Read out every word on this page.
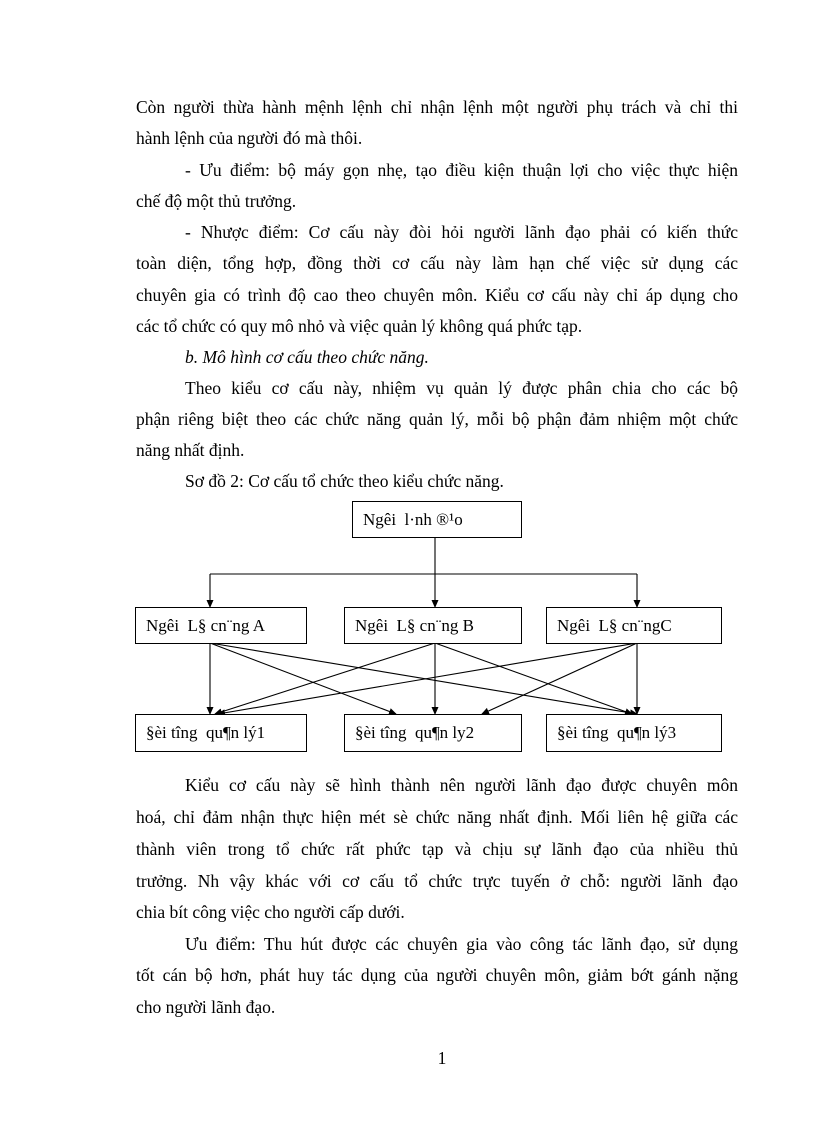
Còn người thừa hành mệnh lệnh chỉ nhận lệnh một người phụ trách và chỉ thi
hành lệnh của người đó mà thôi.
- Ưu điểm: bộ máy gọn nhẹ, tạo điều kiện thuận lợi cho việc thực hiện
chế độ một thủ trưởng.
- Nhược điểm: Cơ cấu này đòi hỏi người lãnh đạo phải có kiến thức
toàn diện, tổng hợp, đồng thời cơ cấu này làm hạn chế việc sử dụng các
chuyên gia có trình độ cao theo chuyên môn. Kiểu cơ cấu này chỉ áp dụng cho
các tổ chức có quy mô nhỏ và việc quản lý không quá phức tạp.
b. Mô hình cơ cấu theo chức năng.
Theo kiểu cơ cấu này, nhiệm vụ quản lý được phân chia cho các bộ
phận riêng biệt theo các chức năng quản lý, mỗi bộ phận đảm nhiệm một chức
năng nhất định.
Sơ đồ 2: Cơ cấu tổ chức theo kiểu chức năng.
Ngêi  l·nh ®¹o
Ngêi  L§ cn¨ng A	Ngêi  L§ cn¨ng B	Ngêi  L§ cn¨ngC
§èi tîng  qu¶n lý1	§èi tîng  qu¶n ly2	§èi tîng  qu¶n lý3
Kiểu cơ cấu này sẽ hình thành nên người lãnh đạo được chuyên môn
hoá, chỉ đảm nhận thực hiện mét sè chức năng nhất định. Mối liên hệ giữa các
thành viên trong tổ chức rất phức tạp và chịu sự lãnh đạo của nhiều thủ
trưởng. Nh vậy khác với cơ cấu tổ chức trực tuyến ở chỗ: người lãnh đạo
chia bít công việc cho người cấp dưới.
Ưu điểm: Thu hút được các chuyên gia vào công tác lãnh đạo, sử dụng
tốt cán bộ hơn, phát huy tác dụng của người chuyên môn, giảm bớt gánh nặng
cho người lãnh đạo.
1
